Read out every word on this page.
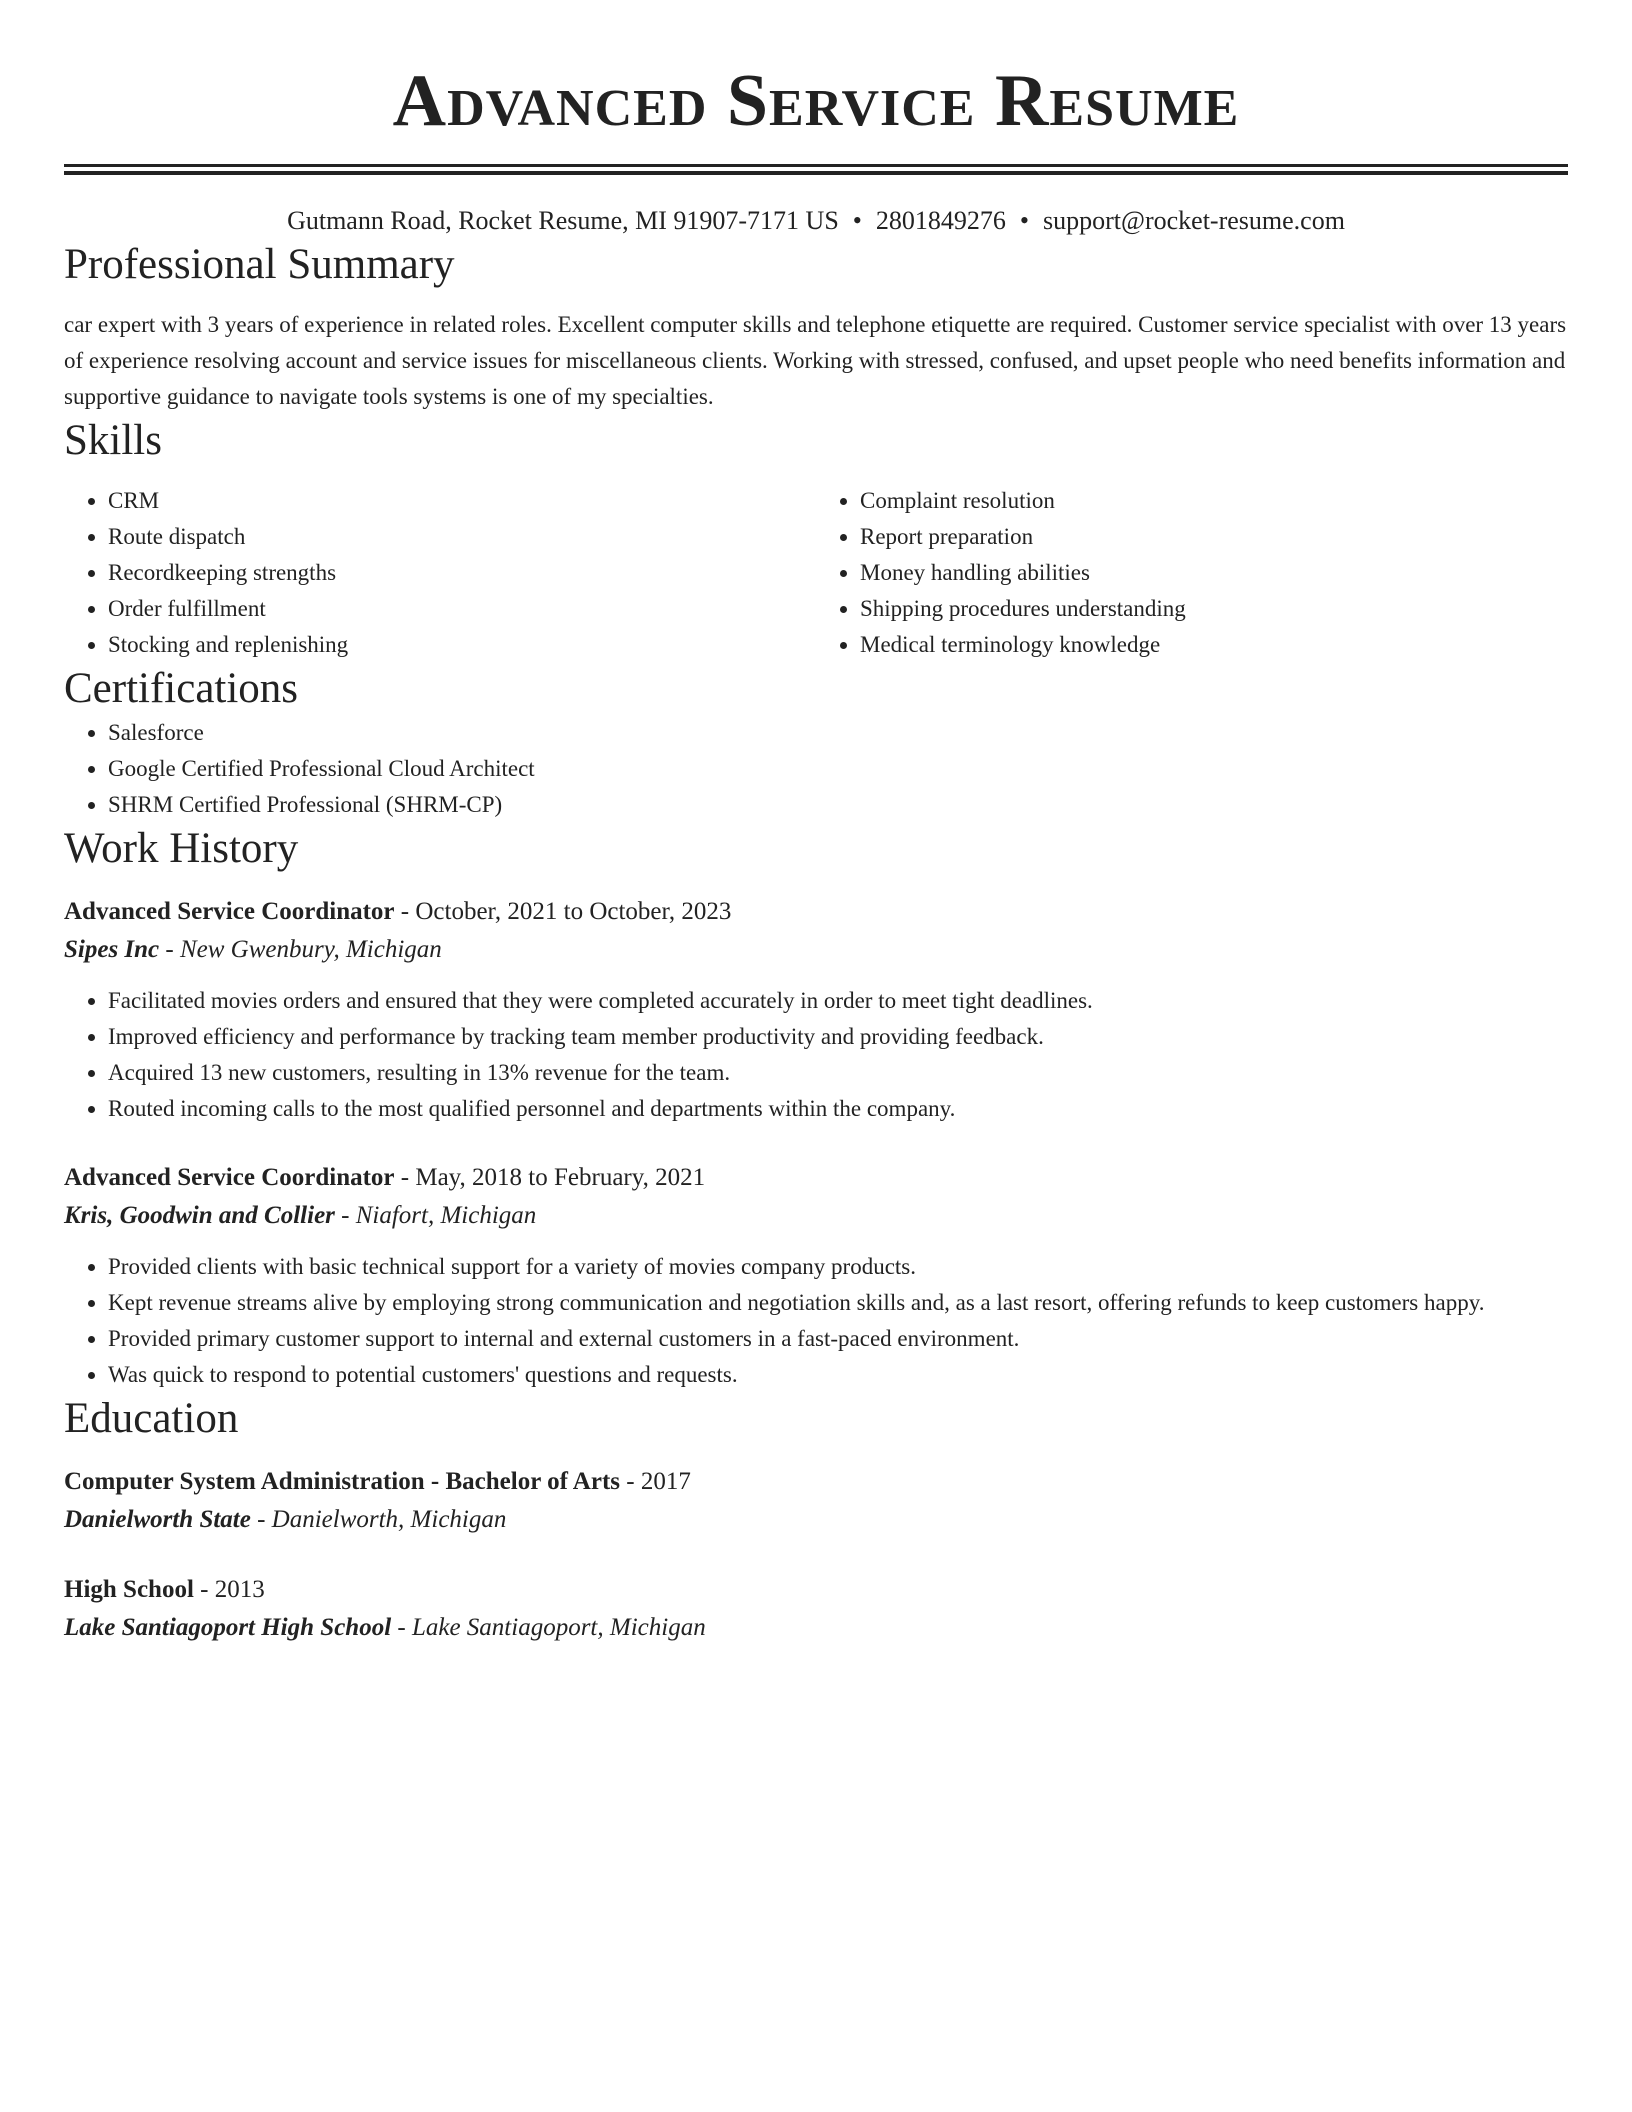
Advanced Service Resume
Gutmann Road, Rocket Resume, MI 91907-7171 US • 2801849276 • support@rocket-resume.com
Professional Summary

car expert with 3 years of experience in related roles. Excellent computer skills and telephone etiquette are required. Customer service specialist with over 13 years of experience resolving account and service issues for miscellaneous clients. Working with stressed, confused, and upset people who need benefits information and supportive guidance to navigate tools systems is one of my specialties.

Skills
• CRM
• Route dispatch
• Recordkeeping strengths
• Order fulfillment
• Stocking and replenishing
• Complaint resolution
• Report preparation
• Money handling abilities
• Shipping procedures understanding
• Medical terminology knowledge
Certifications
• Salesforce
• Google Certified Professional Cloud Architect
• SHRM Certified Professional (SHRM-CP)
Work History
Advanced Service Coordinator - October, 2021 to October, 2023
Sipes Inc - New Gwenbury, Michigan
• Facilitated movies orders and ensured that they were completed accurately in order to meet tight deadlines.
• Improved efficiency and performance by tracking team member productivity and providing feedback.
• Acquired 13 new customers, resulting in 13% revenue for the team.
• Routed incoming calls to the most qualified personnel and departments within the company.
Advanced Service Coordinator - May, 2018 to February, 2021
Kris, Goodwin and Collier - Niafort, Michigan
• Provided clients with basic technical support for a variety of movies company products.
• Kept revenue streams alive by employing strong communication and negotiation skills and, as a last resort, offering refunds to keep customers happy.
• Provided primary customer support to internal and external customers in a fast-paced environment.
• Was quick to respond to potential customers' questions and requests.
Education
Computer System Administration - Bachelor of Arts - 2017
Danielworth State - Danielworth, Michigan
High School - 2013
Lake Santiagoport High School - Lake Santiagoport, Michigan
